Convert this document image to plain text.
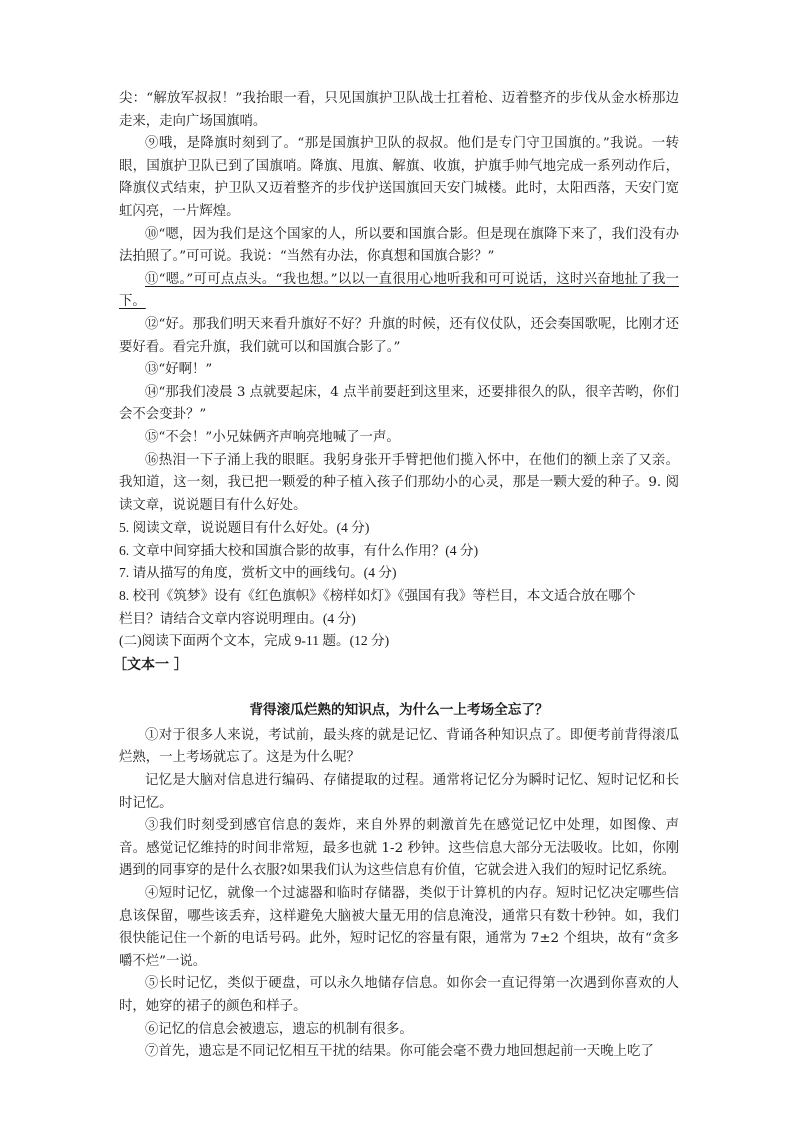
尖：“解放军叔叔！”我抬眼一看，只见国旗护卫队战士扛着枪、迈着整齐的步伐从金水桥那边走来，走向广场国旗哨。

⑨哦，是降旗时刻到了。“那是国旗护卫队的叔叔。他们是专门守卫国旗的。”我说。一转眼，国旗护卫队已到了国旗哨。降旗、甩旗、解旗、收旗，护旗手帅气地完成一系列动作后，降旗仪式结束，护卫队又迈着整齐的步伐护送国旗回天安门城楼。此时，太阳西落，天安门宽虹闪亮，一片辉煌。

⑩“嗯，因为我们是这个国家的人，所以要和国旗合影。但是现在旗降下来了，我们没有办法拍照了。”可可说。我说：“当然有办法，你真想和国旗合影？”

⑪“嗯。”可可点点头。“我也想。”以以一直很用心地听我和可可说话，这时兴奋地扯了我一下。

⑫“好。那我们明天来看升旗好不好？升旗的时候，还有仪仗队，还会奏国歌呢，比刚才还要好看。看完升旗，我们就可以和国旗合影了。”

⑬“好啊！”

⑭“那我们凌晨 3 点就要起床，4 点半前要赶到这里来，还要排很久的队，很辛苦哟，你们会不会变卦？”

⑮“不会！”小兄妹俩齐声响亮地喊了一声。

⑯热泪一下子涌上我的眼眶。我躬身张开手臂把他们揽入怀中，在他们的额上亲了又亲。我知道，这一刻，我已把一颗爱的种子植入孩子们那幼小的心灵，那是一颗大爱的种子。9. 阅读文章，说说题目有什么好处。

5. 阅读文章，说说题目有什么好处。(4 分)

6. 文章中间穿插大校和国旗合影的故事，有什么作用？(4 分)

7. 请从描写的角度，赏析文中的画线句。(4 分)

8. 校刊《筑梦》设有《红色旗帜》《榜样如灯》《强国有我》等栏目，本文适合放在哪个

栏目？请结合文章内容说明理由。(4 分)

(二)阅读下面两个文本，完成 9-11 题。(12 分)

［文本一 ］

背得滚瓜烂熟的知识点，为什么一上考场全忘了？

①对于很多人来说，考试前，最头疼的就是记忆、背诵各种知识点了。即便考前背得滚瓜烂熟，一上考场就忘了。这是为什么呢？

记忆是大脑对信息进行编码、存储提取的过程。通常将记忆分为瞬时记忆、短时记忆和长时记忆。

③我们时刻受到感官信息的轰炸，来自外界的刺激首先在感觉记忆中处理，如图像、声音。感觉记忆维持的时间非常短，最多也就 1-2 秒钟。这些信息大部分无法吸收。比如，你刚遇到的同事穿的是什么衣服?如果我们认为这些信息有价值，它就会进入我们的短时记忆系统。

④短时记忆，就像一个过滤器和临时存储器，类似于计算机的内存。短时记忆决定哪些信息该保留，哪些该丢弃，这样避免大脑被大量无用的信息淹没，通常只有数十秒钟。如，我们很快能记住一个新的电话号码。此外，短时记忆的容量有限，通常为 7±2 个组块，故有“贪多嚼不烂”一说。

⑤长时记忆，类似于硬盘，可以永久地储存信息。如你会一直记得第一次遇到你喜欢的人时，她穿的裙子的颜色和样子。

⑥记忆的信息会被遗忘，遗忘的机制有很多。

⑦首先，遗忘是不同记忆相互干扰的结果。你可能会毫不费力地回想起前一天晚上吃了
